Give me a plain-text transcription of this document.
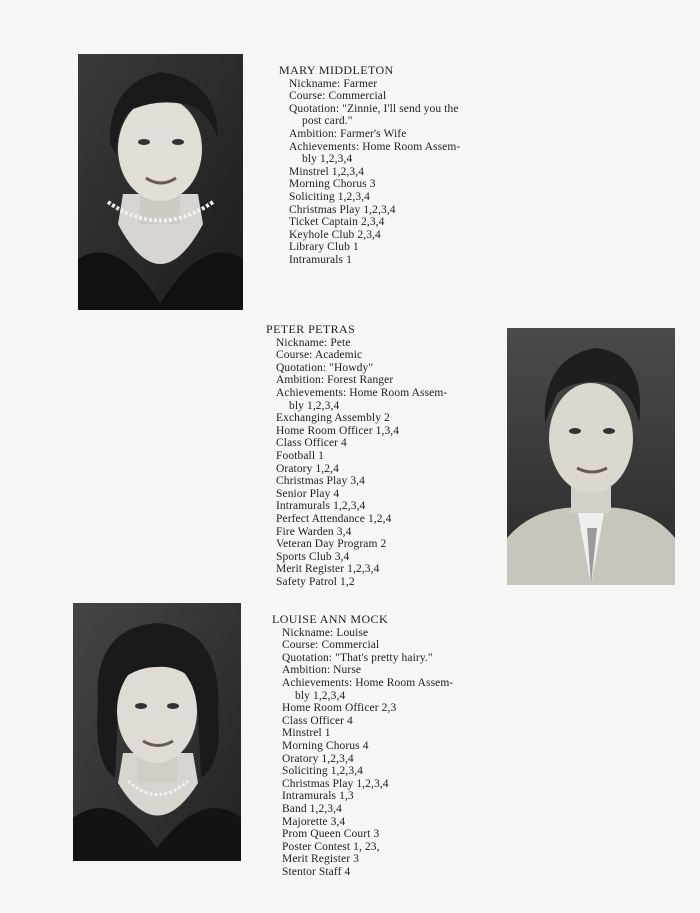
MARY MIDDLETON
Nickname: Farmer
Course: Commercial
Quotation: "Zinnie, I'll send you the
post card."
Ambition: Farmer's Wife
Achievements: Home Room Assem-
bly 1,2,3,4
Minstrel 1,2,3,4
Morning Chorus 3
Soliciting 1,2,3,4
Christmas Play 1,2,3,4
Ticket Captain 2,3,4
Keyhole Club 2,3,4
Library Club 1
Intramurals 1
PETER PETRAS
Nickname: Pete
Course: Academic
Quotation: "Howdy"
Ambition: Forest Ranger
Achievements: Home Room Assem-
bly 1,2,3,4
Exchanging Assembly 2
Home Room Officer 1,3,4
Class Officer 4
Football 1
Oratory 1,2,4
Christmas Play 3,4
Senior Play 4
Intramurals 1,2,3,4
Perfect Attendance 1,2,4
Fire Warden 3,4
Veteran Day Program 2
Sports Club 3,4
Merit Register 1,2,3,4
Safety Patrol 1,2
LOUISE ANN MOCK
Nickname: Louise
Course: Commercial
Quotation: "That's pretty hairy."
Ambition: Nurse
Achievements: Home Room Assem-
bly 1,2,3,4
Home Room Officer 2,3
Class Officer 4
Minstrel 1
Morning Chorus 4
Oratory 1,2,3,4
Soliciting 1,2,3,4
Christmas Play 1,2,3,4
Intramurals 1,3
Band 1,2,3,4
Majorette 3,4
Prom Queen Court 3
Poster Contest 1, 23,
Merit Register 3
Stentor Staff 4
